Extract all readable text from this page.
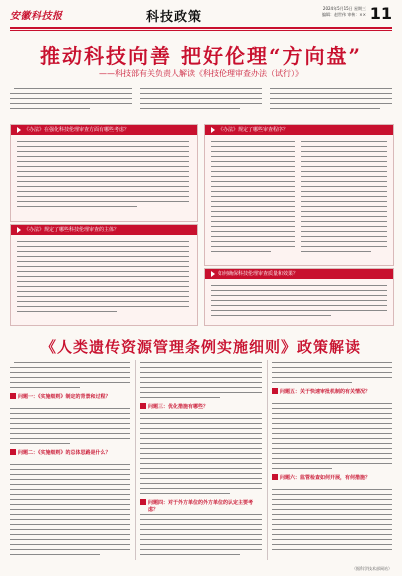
安徽科技报	科技政策
2024年5月15日 星期三
编辑：赵世伟 审核：×× 11
推动科技向善 把好伦理“方向盘”
——科技部有关负责人解读《科技伦理审查办法（试行）》
《办法》在强化科技伦理审查方面有哪些考虑？
《办法》规定了哪些科技伦理审查的主体？
《办法》规定了哪些审查程序？
如何确保科技伦理审查质量和效果？
《人类遗传资源管理条例实施细则》政策解读
问题一：《实施细则》制定的背景和过程？
问题二：《实施细则》的总体思路是什么？
问题三：优化措施有哪些？
问题四：对于外方单位的外方单位的认定主要考虑？
问题五：关于快速审批机制的有关情况？
问题六：监管检查如何开展，有何措施？
（据科学技术部网站）
